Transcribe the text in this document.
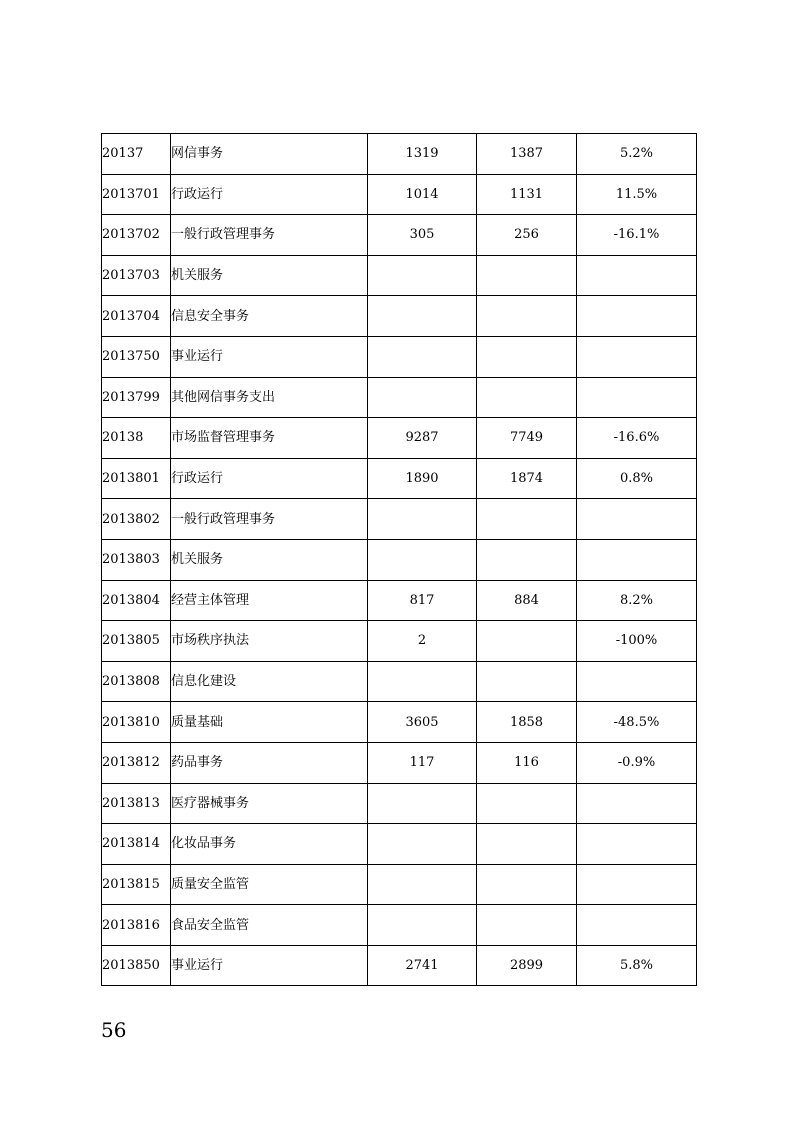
20137	网信事务	1319	1387	5.2%
2013701	行政运行	1014	1131	11.5%
2013702	一般行政管理事务	305	256	-16.1%
2013703	机关服务			
2013704	信息安全事务			
2013750	事业运行			
2013799	其他网信事务支出			
20138	市场监督管理事务	9287	7749	-16.6%
2013801	行政运行	1890	1874	0.8%
2013802	一般行政管理事务			
2013803	机关服务			
2013804	经营主体管理	817	884	8.2%
2013805	市场秩序执法	2		-100%
2013808	信息化建设			
2013810	质量基础	3605	1858	-48.5%
2013812	药品事务	117	116	-0.9%
2013813	医疗器械事务			
2013814	化妆品事务			
2013815	质量安全监管			
2013816	食品安全监管			
2013850	事业运行	2741	2899	5.8%
56
